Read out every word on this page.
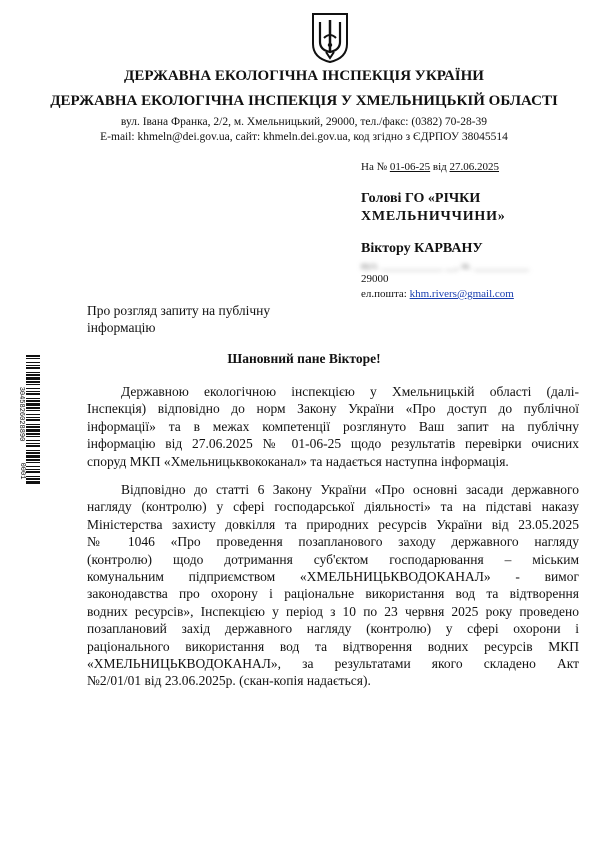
ДЕРЖАВНА ЕКОЛОГІЧНА ІНСПЕКЦІЯ УКРАЇНИ
ДЕРЖАВНА ЕКОЛОГІЧНА ІНСПЕКЦІЯ У ХМЕЛЬНИЦЬКІЙ ОБЛАСТІ
вул. Івана Франка, 2/2, м. Хмельницький, 29000, тел./факс: (0382) 70-28-39
E-mail: khmeln@dei.gov.ua, сайт: khmeln.dei.gov.ua, код згідно з ЄДРПОУ 38045514
На № 01-06-25 від 27.06.2025
Голові ГО «РІЧКИ
ХМЕЛЬНИЧЧИНИ»
Віктору КАРВАНУ
вул. ___________ __, м. __________
29000
ел.пошта: khm.rivers@gmail.com
Про розгляд запиту на публічну
інформацію
Шановний пане Вікторе!
Державною екологічною інспекцією у Хмельницькій області (далі-
Інспекція) відповідно до норм Закону України «Про доступ до публічної
інформації» та в межах компетенції розглянуто Ваш запит на публічну
інформацію від 27.06.2025 № 01-06-25 щодо результатів перевірки очисних
споруд МКП «Хмельницьквококанал» та надається наступна інформація.
Відповідно до статті 6 Закону України «Про основні засади державного
нагляду (контролю) у сфері господарської діяльності» та на підставі наказу
Міністерства захисту довкілля та природних ресурсів України від 23.05.2025
№ 1046 «Про проведення позапланового заходу державного нагляду
(контролю) щодо дотримання суб'єктом господарювання – міським
комунальним підприємством «ХМЕЛЬНИЦЬКВОДОКАНАЛ» - вимог
законодавства про охорону і раціональне використання вод та відтворення
водних ресурсів», Інспекцією у період з 10 по 23 червня 2025 року проведено
позаплановий захід державного нагляду (контролю) у сфері охорони і
раціонального використання вод та відтворення водних ресурсів МКП
«ХМЕЛЬНИЦЬКВОДОКАНАЛ», за результатами якого складено Акт
№2/01/01 від 23.06.2025р. (скан-копія надається).
3045826028890
0001
